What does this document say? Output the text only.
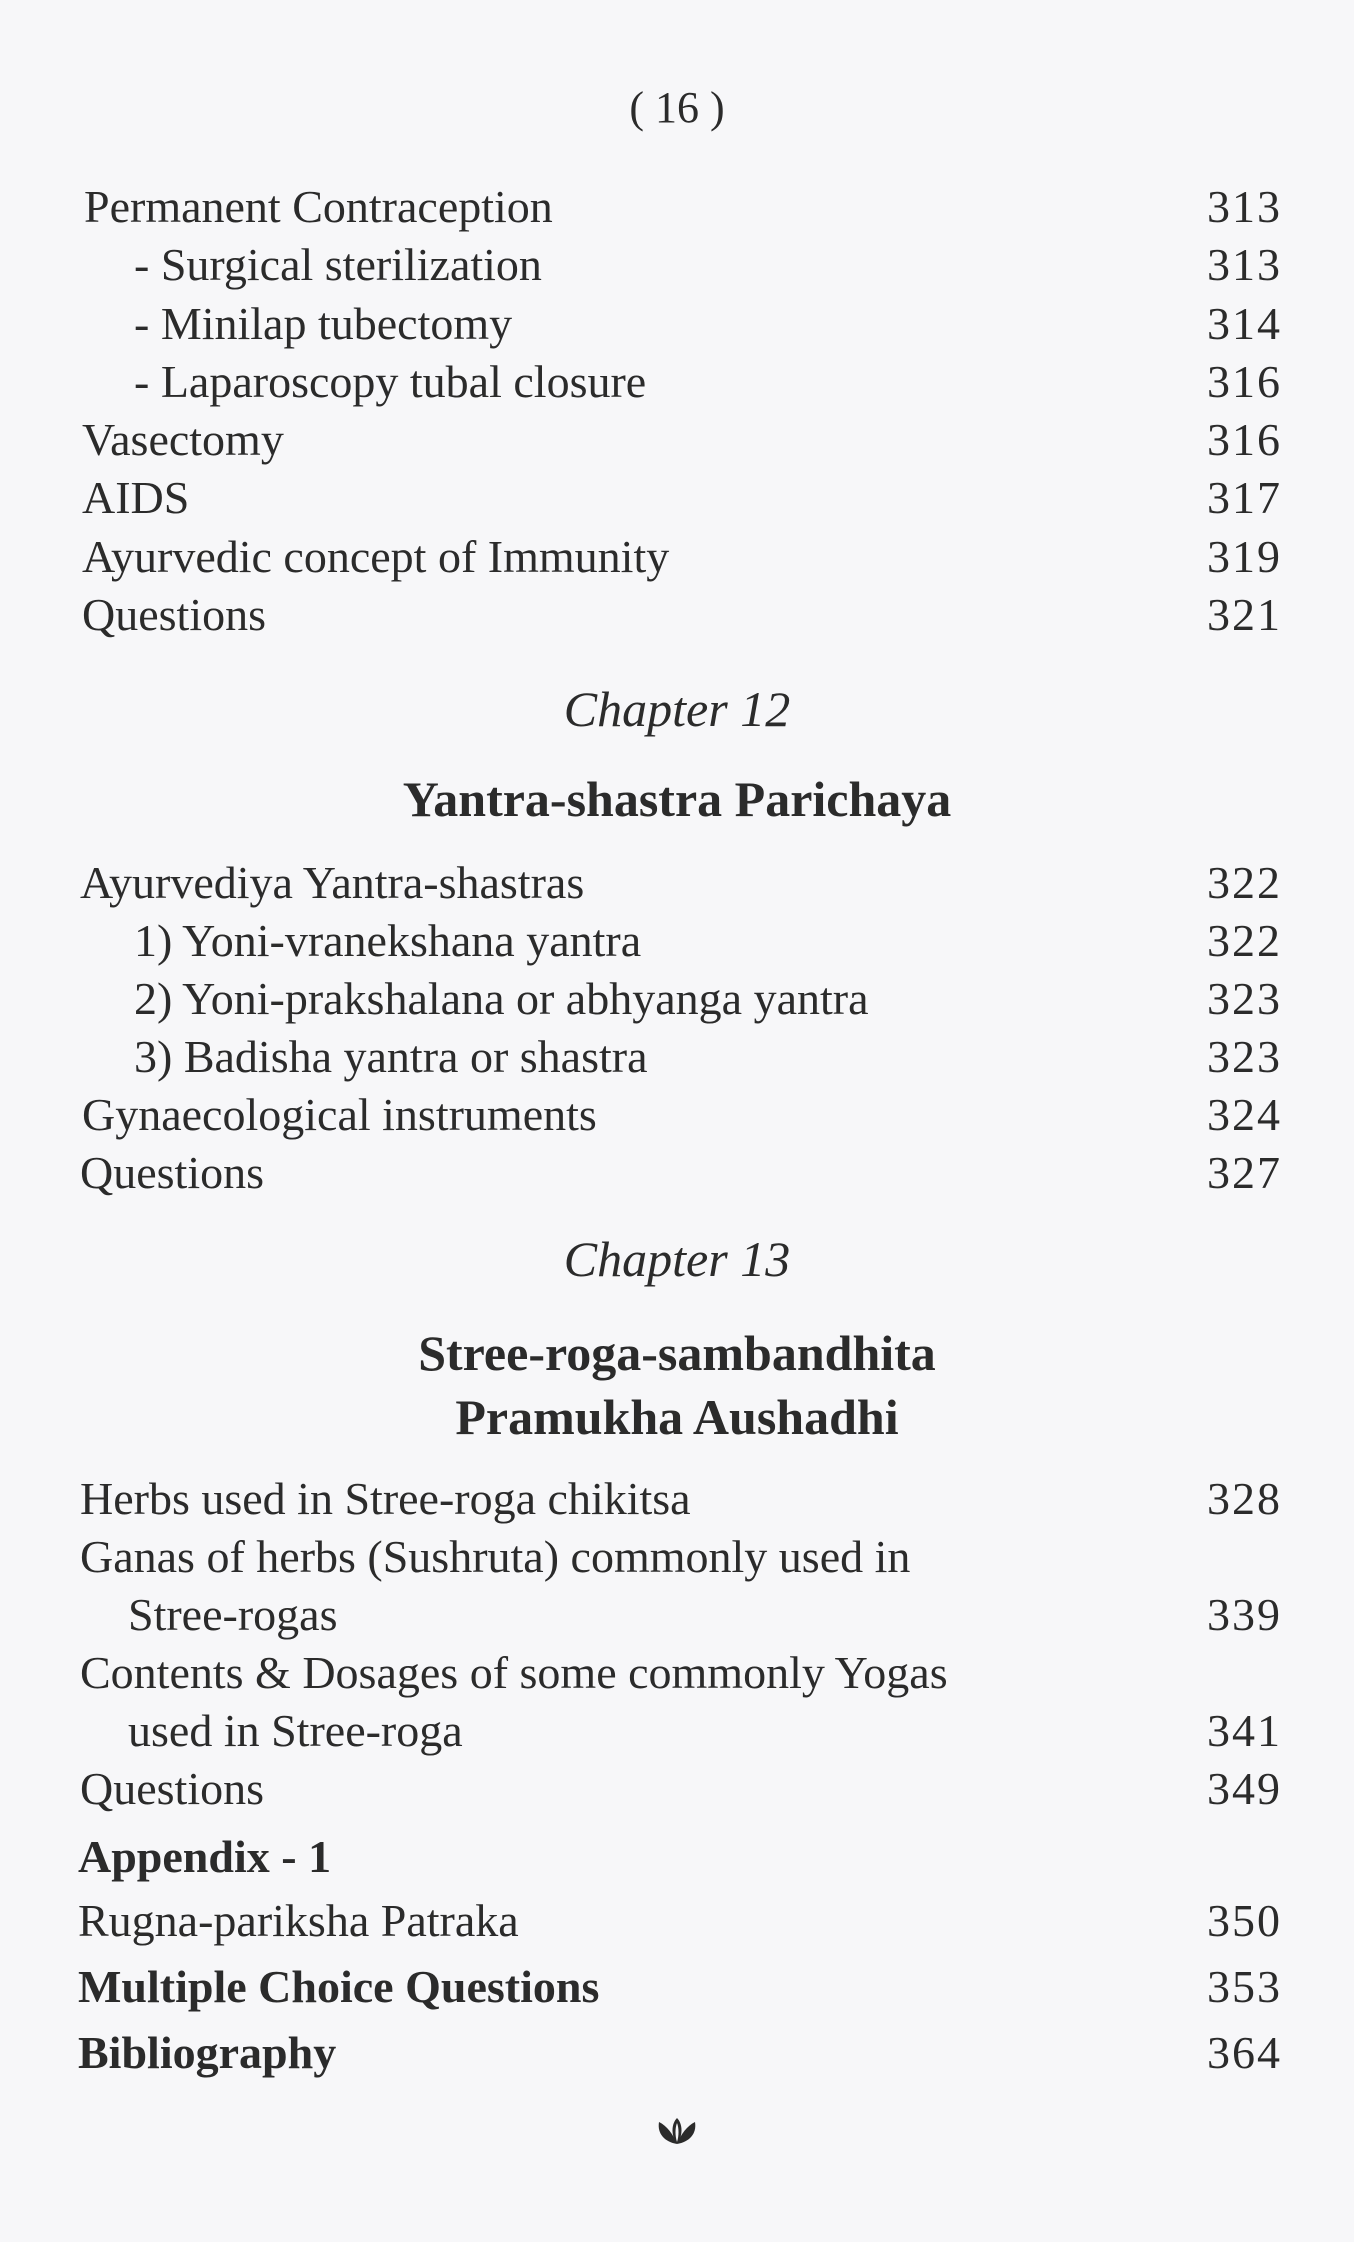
( 16 )
Permanent Contraception	313
- Surgical sterilization	313
- Minilap tubectomy	314
- Laparoscopy tubal closure	316
Vasectomy	316
AIDS	317
Ayurvedic concept of Immunity	319
Questions	321
Chapter 12
Yantra-shastra Parichaya
Ayurvediya Yantra-shastras	322
1) Yoni-vranekshana yantra	322
2) Yoni-prakshalana or abhyanga yantra	323
3) Badisha yantra or shastra	323
Gynaecological instruments	324
Questions	327
Chapter 13
Stree-roga-sambandhita
Pramukha Aushadhi
Herbs used in Stree-roga chikitsa	328
Ganas of herbs (Sushruta) commonly used in
Stree-rogas	339
Contents & Dosages of some commonly Yogas
used in Stree-roga	341
Questions	349
Appendix - 1
Rugna-pariksha Patraka	350
Multiple Choice Questions	353
Bibliography	364
